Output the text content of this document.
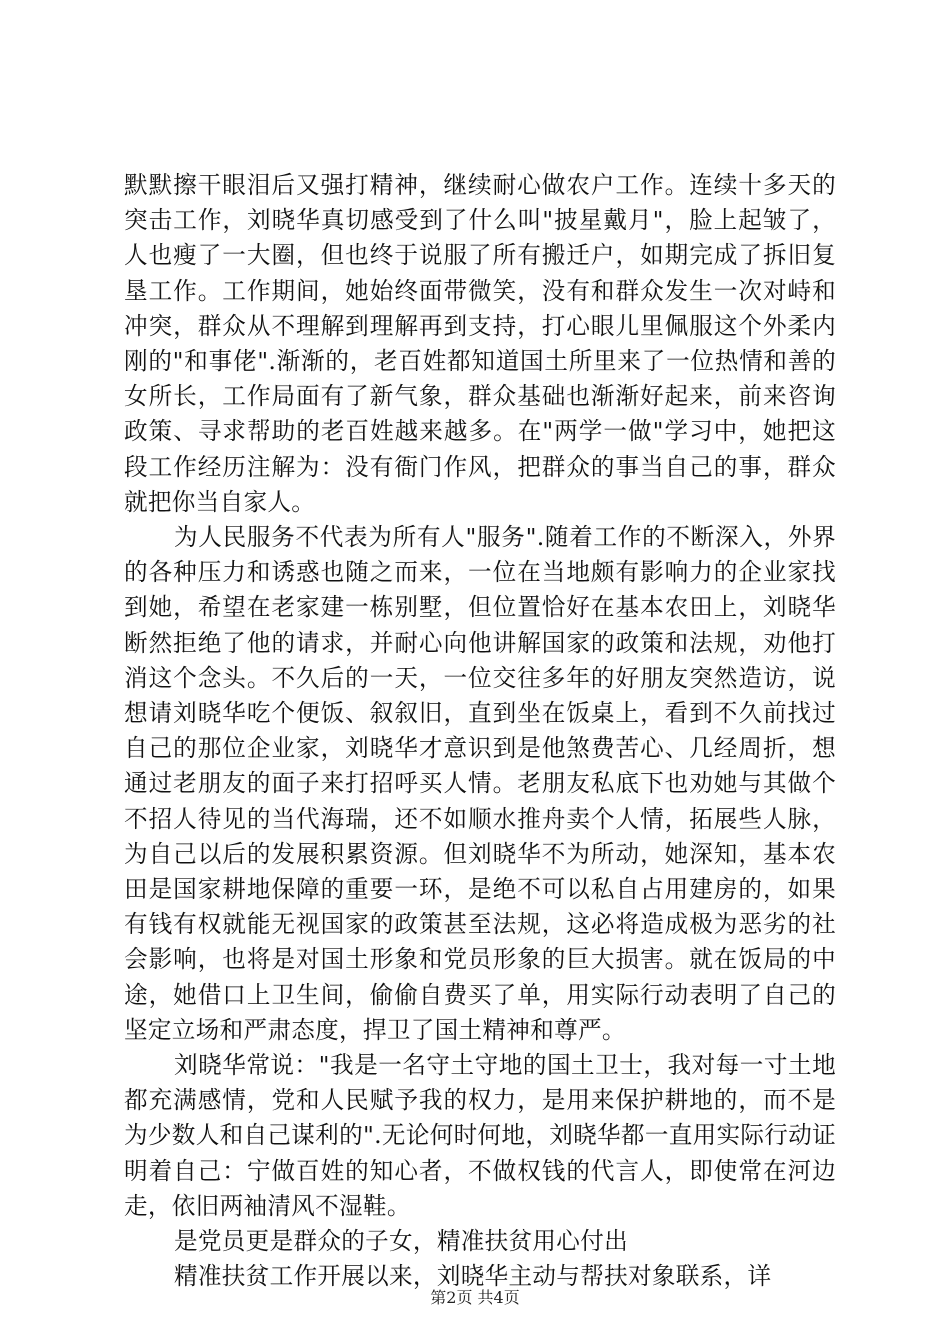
默默擦干眼泪后又强打精神，继续耐心做农户工作。连续十多天的突击工作，刘晓华真切感受到了什么叫"披星戴月"，脸上起皱了，人也瘦了一大圈，但也终于说服了所有搬迁户，如期完成了拆旧复垦工作。工作期间，她始终面带微笑，没有和群众发生一次对峙和冲突，群众从不理解到理解再到支持，打心眼儿里佩服这个外柔内刚的"和事佬".渐渐的，老百姓都知道国土所里来了一位热情和善的女所长，工作局面有了新气象，群众基础也渐渐好起来，前来咨询政策、寻求帮助的老百姓越来越多。在"两学一做"学习中，她把这段工作经历注解为：没有衙门作风，把群众的事当自己的事，群众就把你当自家人。

为人民服务不代表为所有人"服务".随着工作的不断深入，外界的各种压力和诱惑也随之而来，一位在当地颇有影响力的企业家找到她，希望在老家建一栋别墅，但位置恰好在基本农田上，刘晓华断然拒绝了他的请求，并耐心向他讲解国家的政策和法规，劝他打消这个念头。不久后的一天，一位交往多年的好朋友突然造访，说想请刘晓华吃个便饭、叙叙旧，直到坐在饭桌上，看到不久前找过自己的那位企业家，刘晓华才意识到是他煞费苦心、几经周折，想通过老朋友的面子来打招呼买人情。老朋友私底下也劝她与其做个不招人待见的当代海瑞，还不如顺水推舟卖个人情，拓展些人脉，为自己以后的发展积累资源。但刘晓华不为所动，她深知，基本农田是国家耕地保障的重要一环，是绝不可以私自占用建房的，如果有钱有权就能无视国家的政策甚至法规，这必将造成极为恶劣的社会影响，也将是对国土形象和党员形象的巨大损害。就在饭局的中途，她借口上卫生间，偷偷自费买了单，用实际行动表明了自己的坚定立场和严肃态度，捍卫了国土精神和尊严。

刘晓华常说："我是一名守土守地的国土卫士，我对每一寸土地都充满感情，党和人民赋予我的权力，是用来保护耕地的，而不是为少数人和自己谋利的".无论何时何地，刘晓华都一直用实际行动证明着自己：宁做百姓的知心者，不做权钱的代言人，即使常在河边走，依旧两袖清风不湿鞋。

是党员更是群众的子女，精准扶贫用心付出

精准扶贫工作开展以来，刘晓华主动与帮扶对象联系，详

第2页 共4页
